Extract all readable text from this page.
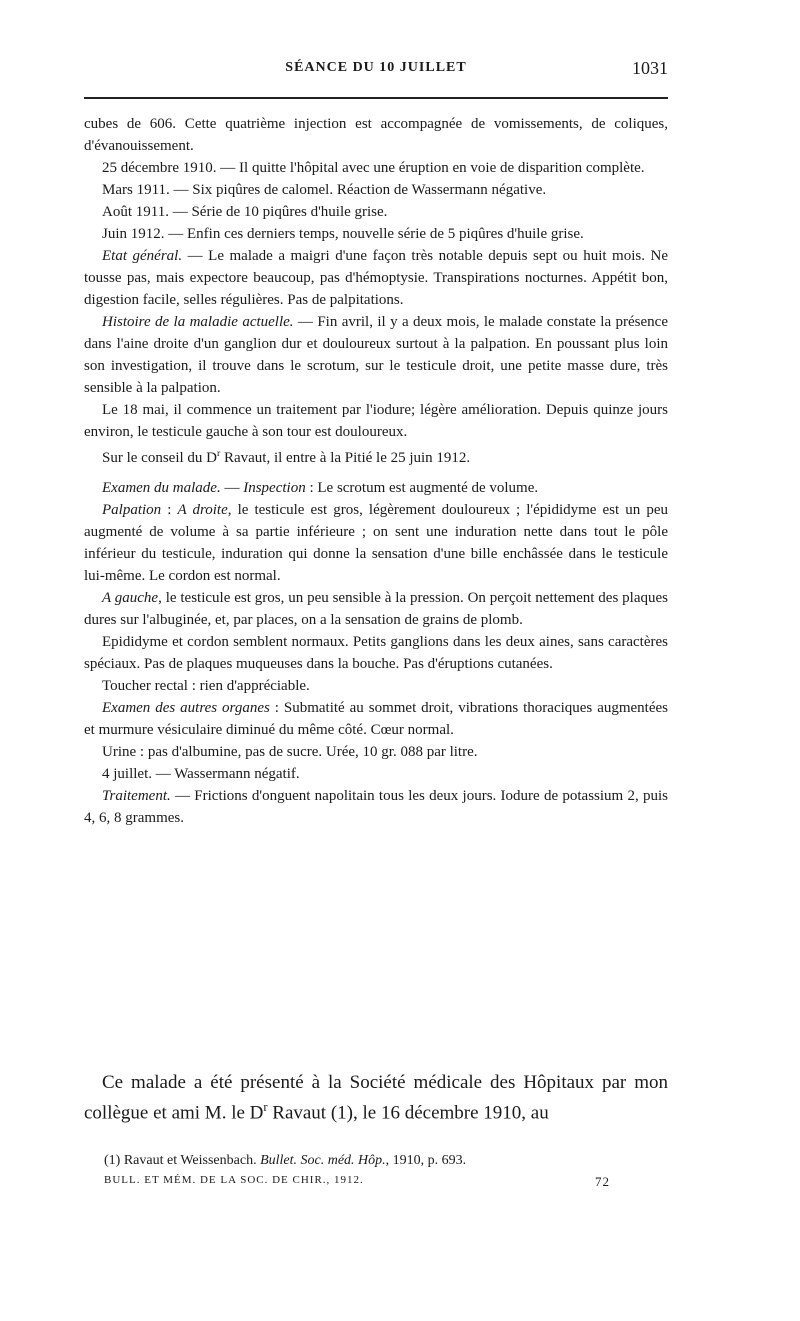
SÉANCE DU 10 JUILLET	1031

cubes de 606. Cette quatrième injection est accompagnée de vomissements, de coliques, d'évanouissement.

25 décembre 1910. — Il quitte l'hôpital avec une éruption en voie de disparition complète.

Mars 1911. — Six piqûres de calomel. Réaction de Wassermann négative.

Août 1911. — Série de 10 piqûres d'huile grise.

Juin 1912. — Enfin ces derniers temps, nouvelle série de 5 piqûres d'huile grise.

Etat général. — Le malade a maigri d'une façon très notable depuis sept ou huit mois. Ne tousse pas, mais expectore beaucoup, pas d'hémoptysie. Transpirations nocturnes. Appétit bon, digestion facile, selles régulières. Pas de palpitations.

Histoire de la maladie actuelle. — Fin avril, il y a deux mois, le malade constate la présence dans l'aine droite d'un ganglion dur et douloureux surtout à la palpation. En poussant plus loin son investigation, il trouve dans le scrotum, sur le testicule droit, une petite masse dure, très sensible à la palpation.

Le 18 mai, il commence un traitement par l'iodure; légère amélioration. Depuis quinze jours environ, le testicule gauche à son tour est douloureux.

Sur le conseil du $D^r$ Ravaut, il entre à la Pitié le 25 juin 1912.

Examen du malade. — Inspection : Le scrotum est augmenté de volume.

Palpation : A droite, le testicule est gros, légèrement douloureux ; l'épididyme est un peu augmenté de volume à sa partie inférieure ; on sent une induration nette dans tout le pôle inférieur du testicule, induration qui donne la sensation d'une bille enchâssée dans le testicule lui-même. Le cordon est normal.

A gauche, le testicule est gros, un peu sensible à la pression. On perçoit nettement des plaques dures sur l'albuginée, et, par places, on a la sensation de grains de plomb.

Epididyme et cordon semblent normaux. Petits ganglions dans les deux aines, sans caractères spéciaux. Pas de plaques muqueuses dans la bouche. Pas d'éruptions cutanées.

Toucher rectal : rien d'appréciable.

Examen des autres organes : Submatité au sommet droit, vibrations thoraciques augmentées et murmure vésiculaire diminué du même côté. Cœur normal.

Urine : pas d'albumine, pas de sucre. Urée, 10 gr. 088 par litre.

4 juillet. — Wassermann négatif.

Traitement. — Frictions d'onguent napolitain tous les deux jours. Iodure de potassium 2, puis 4, 6, 8 grammes.

Ce malade a été présenté à la Société médicale des Hôpitaux par mon collègue et ami M. le $D^r$ Ravaut (1), le 16 décembre 1910, au

(1) Ravaut et Weissenbach. Bullet. Soc. méd. Hôp., 1910, p. 693.
BULL. ET MÉM. DE LA SOC. DE CHIR., 1912.	72
